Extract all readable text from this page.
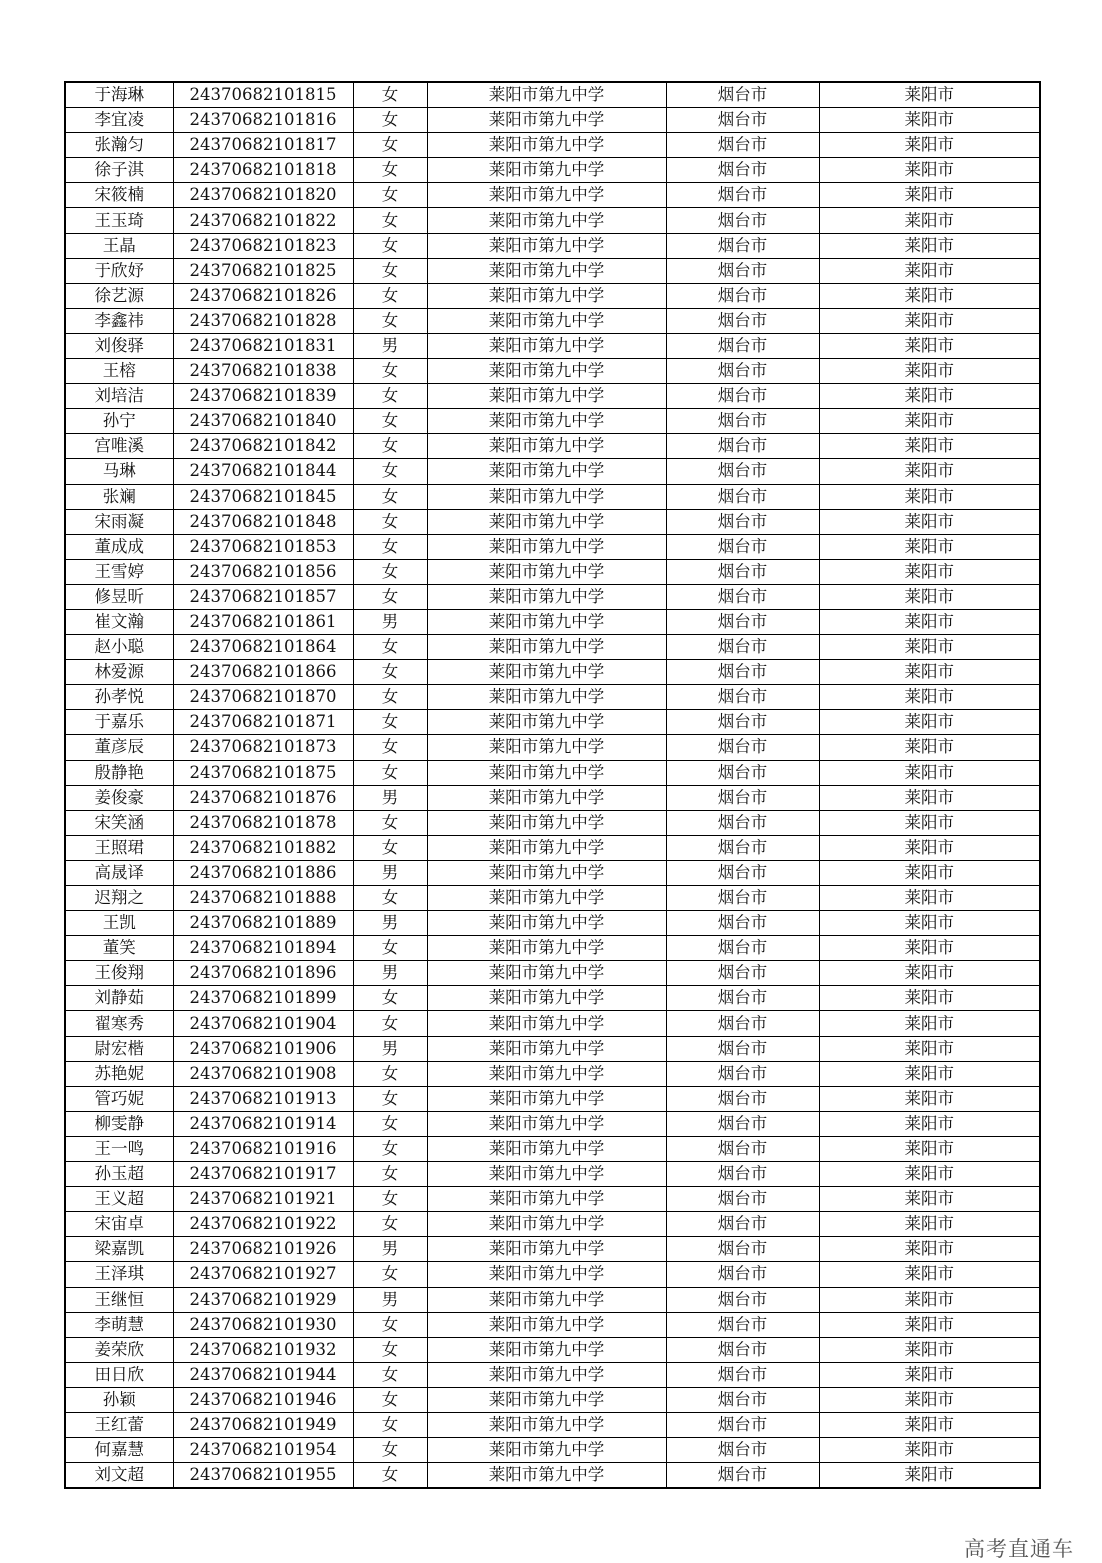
于海琳	24370682101815	女	莱阳市第九中学	烟台市	莱阳市
李宜凌	24370682101816	女	莱阳市第九中学	烟台市	莱阳市
张瀚匀	24370682101817	女	莱阳市第九中学	烟台市	莱阳市
徐子淇	24370682101818	女	莱阳市第九中学	烟台市	莱阳市
宋筱楠	24370682101820	女	莱阳市第九中学	烟台市	莱阳市
王玉琦	24370682101822	女	莱阳市第九中学	烟台市	莱阳市
王晶	24370682101823	女	莱阳市第九中学	烟台市	莱阳市
于欣妤	24370682101825	女	莱阳市第九中学	烟台市	莱阳市
徐艺源	24370682101826	女	莱阳市第九中学	烟台市	莱阳市
李鑫祎	24370682101828	女	莱阳市第九中学	烟台市	莱阳市
刘俊驿	24370682101831	男	莱阳市第九中学	烟台市	莱阳市
王榕	24370682101838	女	莱阳市第九中学	烟台市	莱阳市
刘培洁	24370682101839	女	莱阳市第九中学	烟台市	莱阳市
孙宁	24370682101840	女	莱阳市第九中学	烟台市	莱阳市
宫唯溪	24370682101842	女	莱阳市第九中学	烟台市	莱阳市
马琳	24370682101844	女	莱阳市第九中学	烟台市	莱阳市
张斓	24370682101845	女	莱阳市第九中学	烟台市	莱阳市
宋雨凝	24370682101848	女	莱阳市第九中学	烟台市	莱阳市
董成成	24370682101853	女	莱阳市第九中学	烟台市	莱阳市
王雪婷	24370682101856	女	莱阳市第九中学	烟台市	莱阳市
修昱昕	24370682101857	女	莱阳市第九中学	烟台市	莱阳市
崔文瀚	24370682101861	男	莱阳市第九中学	烟台市	莱阳市
赵小聪	24370682101864	女	莱阳市第九中学	烟台市	莱阳市
林爱源	24370682101866	女	莱阳市第九中学	烟台市	莱阳市
孙孝悦	24370682101870	女	莱阳市第九中学	烟台市	莱阳市
于嘉乐	24370682101871	女	莱阳市第九中学	烟台市	莱阳市
董彦辰	24370682101873	女	莱阳市第九中学	烟台市	莱阳市
殷静艳	24370682101875	女	莱阳市第九中学	烟台市	莱阳市
姜俊豪	24370682101876	男	莱阳市第九中学	烟台市	莱阳市
宋笑涵	24370682101878	女	莱阳市第九中学	烟台市	莱阳市
王照珺	24370682101882	女	莱阳市第九中学	烟台市	莱阳市
高晟译	24370682101886	男	莱阳市第九中学	烟台市	莱阳市
迟翔之	24370682101888	女	莱阳市第九中学	烟台市	莱阳市
王凯	24370682101889	男	莱阳市第九中学	烟台市	莱阳市
董笑	24370682101894	女	莱阳市第九中学	烟台市	莱阳市
王俊翔	24370682101896	男	莱阳市第九中学	烟台市	莱阳市
刘静茹	24370682101899	女	莱阳市第九中学	烟台市	莱阳市
翟寒秀	24370682101904	女	莱阳市第九中学	烟台市	莱阳市
尉宏楷	24370682101906	男	莱阳市第九中学	烟台市	莱阳市
苏艳妮	24370682101908	女	莱阳市第九中学	烟台市	莱阳市
管巧妮	24370682101913	女	莱阳市第九中学	烟台市	莱阳市
柳雯静	24370682101914	女	莱阳市第九中学	烟台市	莱阳市
王一鸣	24370682101916	女	莱阳市第九中学	烟台市	莱阳市
孙玉超	24370682101917	女	莱阳市第九中学	烟台市	莱阳市
王义超	24370682101921	女	莱阳市第九中学	烟台市	莱阳市
宋宙卓	24370682101922	女	莱阳市第九中学	烟台市	莱阳市
梁嘉凯	24370682101926	男	莱阳市第九中学	烟台市	莱阳市
王泽琪	24370682101927	女	莱阳市第九中学	烟台市	莱阳市
王继恒	24370682101929	男	莱阳市第九中学	烟台市	莱阳市
李萌慧	24370682101930	女	莱阳市第九中学	烟台市	莱阳市
姜荣欣	24370682101932	女	莱阳市第九中学	烟台市	莱阳市
田日欣	24370682101944	女	莱阳市第九中学	烟台市	莱阳市
孙颖	24370682101946	女	莱阳市第九中学	烟台市	莱阳市
王红蕾	24370682101949	女	莱阳市第九中学	烟台市	莱阳市
何嘉慧	24370682101954	女	莱阳市第九中学	烟台市	莱阳市
刘文超	24370682101955	女	莱阳市第九中学	烟台市	莱阳市
高考直通车
